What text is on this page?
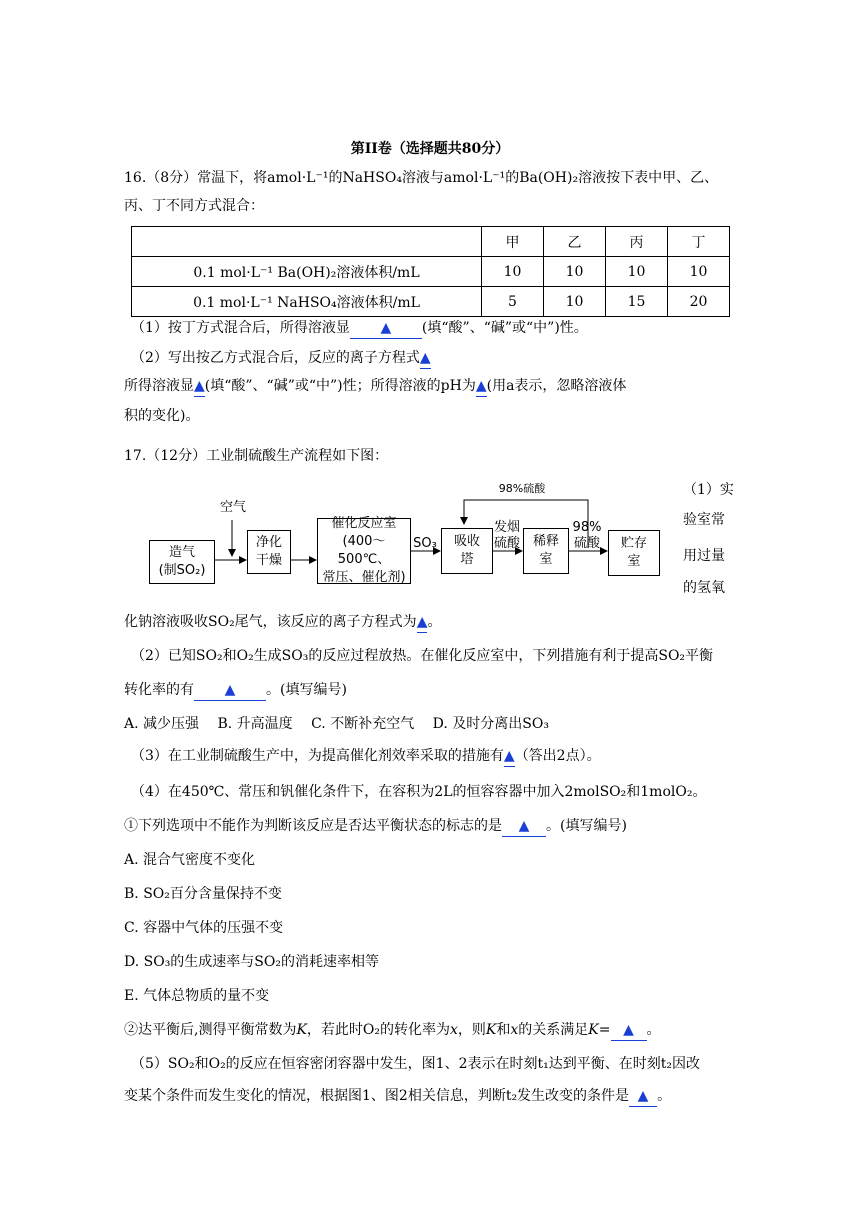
第II卷（选择题共80分）
16.（8分）常温下，将amol·L⁻¹的NaHSO₄溶液与amol·L⁻¹的Ba(OH)₂溶液按下表中甲、乙、
丙、丁不同方式混合：
	甲	乙	丙	丁
0.1 mol·L⁻¹ Ba(OH)₂溶液体积/mL	10	10	10	10
0.1 mol·L⁻¹ NaHSO₄溶液体积/mL	5	10	15	20
（1）按丁方式混合后，所得溶液显 ▲ (填“酸”、“碱”或“中”)性。
（2）写出按乙方式混合后，反应的离子方程式▲
所得溶液显▲(填“酸”、“碱”或“中”)性；所得溶液的pH为▲(用a表示，忽略溶液体
积的变化)。
17.（12分）工业制硫酸生产流程如下图：
造气
(制SO₂)
空气
净化
干燥
催化反应室
(400～500℃、
常压、催化剂)
SO₃ 吸收
塔
发烟
硫酸 稀释
室
98%
硫酸	贮存
室
98%硫酸	（1）实
验室常
用过量
的氢氧
化钠溶液吸收SO₂尾气，该反应的离子方程式为▲。
（2）已知SO₂和O₂生成SO₃的反应过程放热。在催化反应室中，下列措施有利于提高SO₂平衡
转化率的有 ▲ 。(填写编号)
A. 减少压强　 B. 升高温度　 C. 不断补充空气　 D. 及时分离出SO₃
（3）在工业制硫酸生产中，为提高催化剂效率采取的措施有▲（答出2点）。
（4）在450℃、常压和钒催化条件下，在容积为2L的恒容容器中加入2molSO₂和1molO₂。
①下列选项中不能作为判断该反应是否达平衡状态的标志的是 ▲ 。(填写编号)
A. 混合气密度不变化
B. SO₂百分含量保持不变
C. 容器中气体的压强不变
D. SO₃的生成速率与SO₂的消耗速率相等
E. 气体总物质的量不变
②达平衡后,测得平衡常数为K，若此时O₂的转化率为x，则K和x的关系满足K= ▲ 。
（5）SO₂和O₂的反应在恒容密闭容器中发生，图1、2表示在时刻t₁达到平衡、在时刻t₂因改
变某个条件而发生变化的情况，根据图1、图2相关信息，判断t₂发生改变的条件是 ▲ 。
